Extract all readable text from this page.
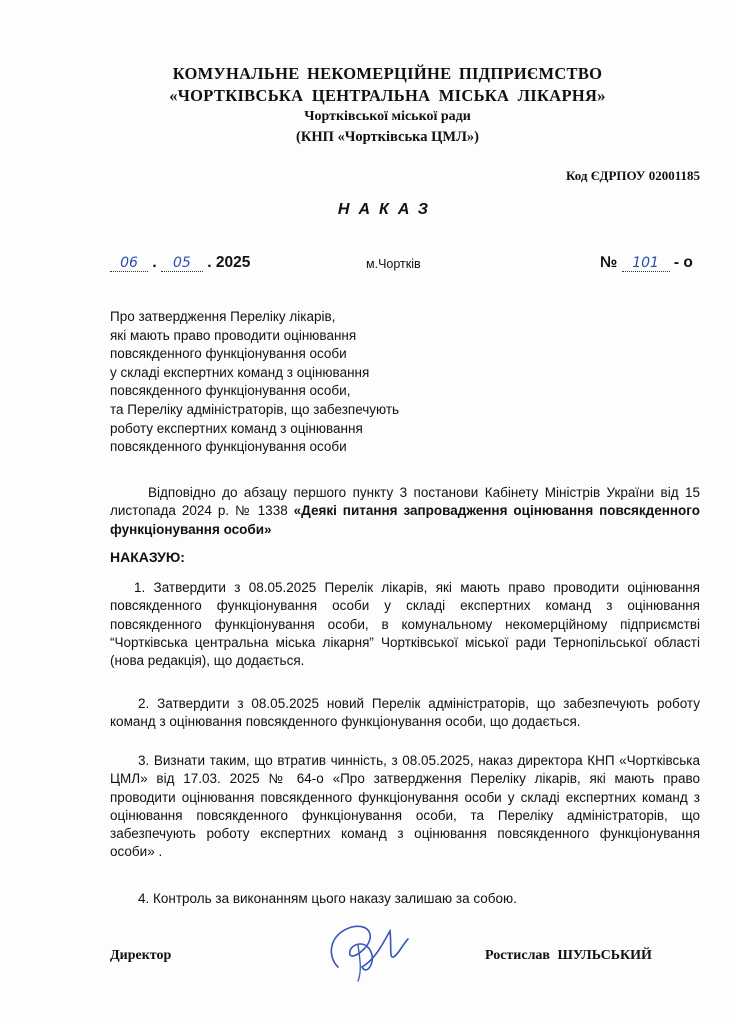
КОМУНАЛЬНЕ НЕКОМЕРЦІЙНЕ ПІДПРИЄМСТВО
«ЧОРТКІВСЬКА ЦЕНТРАЛЬНА МІСЬКА ЛІКАРНЯ»
Чортківської міської ради
(КНП «Чортківська ЦМЛ»)
Код ЄДРПОУ 02001185
НАКАЗ
06 . 05 . 2025	м.Чортків	№ 101 - о
Про затвердження Переліку лікарів,
які мають право проводити оцінювання
повсякденного функціонування особи
у складі експертних команд з оцінювання
повсякденного функціонування особи,
та Переліку адміністраторів, що забезпечують
роботу експертних команд з оцінювання
повсякденного функціонування особи
Відповідно до абзацу першого пункту 3 постанови Кабінету Міністрів України від 15 листопада 2024 р. № 1338 «Деякі питання запровадження оцінювання повсякденного функціонування особи»
НАКАЗУЮ:
1. Затвердити з 08.05.2025 Перелік лікарів, які мають право проводити оцінювання повсякденного функціонування особи у складі експертних команд з оцінювання повсякденного функціонування особи, в комунальному некомерційному підприємстві “Чортківська центральна міська лікарня” Чортківської міської ради Тернопільської області (нова редакція), що додається.
2. Затвердити з 08.05.2025 новий Перелік адміністраторів, що забезпечують роботу команд з оцінювання повсякденного функціонування особи, що додається.
3. Визнати таким, що втратив чинність, з 08.05.2025, наказ директора КНП «Чортківська ЦМЛ» від 17.03. 2025 № 64-о «Про затвердження Переліку лікарів, які мають право проводити оцінювання повсякденного функціонування особи у складі експертних команд з оцінювання повсякденного функціонування особи, та Переліку адміністраторів, що забезпечують роботу експертних команд з оцінювання повсякденного функціонування особи» .
4. Контроль за виконанням цього наказу залишаю за собою.
Директор	Ростислав ШУЛЬСЬКИЙ
